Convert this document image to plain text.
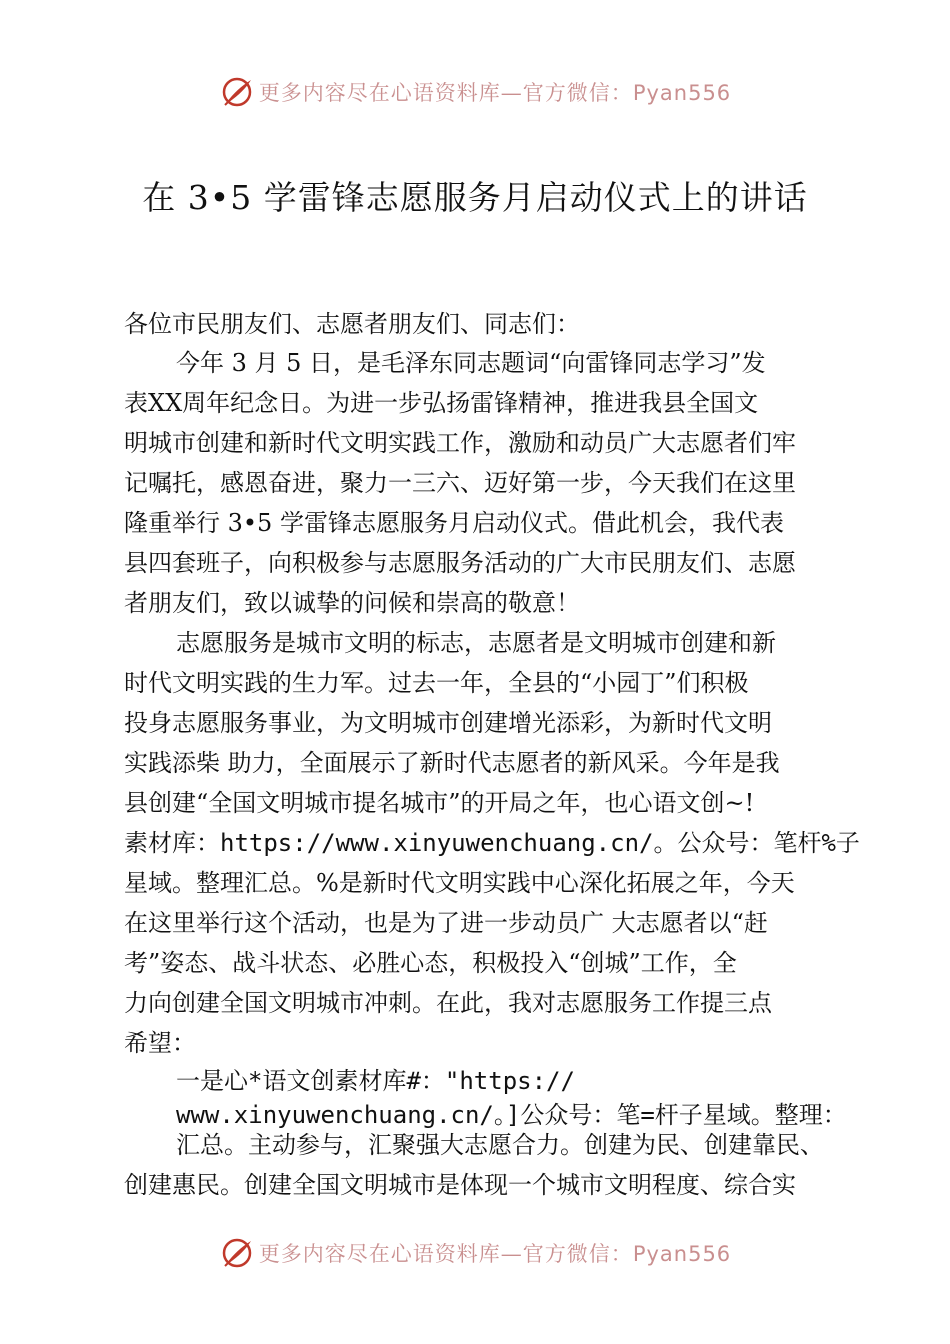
更多内容尽在心语资料库—官方微信：Pyan556
在 3•5 学雷锋志愿服务月启动仪式上的讲话
各位市民朋友们、志愿者朋友们、同志们：
今年 3 月 5 日，是毛泽东同志题词“向雷锋同志学习”发
表XX周年纪念日。为进一步弘扬雷锋精神，推进我县全国文
明城市创建和新时代文明实践工作，激励和动员广大志愿者们牢
记嘱托，感恩奋进，聚力一三六、迈好第一步，今天我们在这里
隆重举行 3•5 学雷锋志愿服务月启动仪式。借此机会，我代表
县四套班子，向积极参与志愿服务活动的广大市民朋友们、志愿
者朋友们，致以诚挚的问候和崇高的敬意！
志愿服务是城市文明的标志，志愿者是文明城市创建和新
时代文明实践的生力军。过去一年，全县的“小园丁”们积极
投身志愿服务事业，为文明城市创建增光添彩，为新时代文明
实践添柴 助力，全面展示了新时代志愿者的新风采。今年是我
县创建“全国文明城市提名城市”的开局之年，也心语文创~!
素材库：https://www.xinyuwenchuang.cn/。公众号：笔杆%子
星域。整理汇总。%是新时代文明实践中心深化拓展之年，今天
在这里举行这个活动，也是为了进一步动员广 大志愿者以“赶
考”姿态、战斗状态、必胜心态，积极投入“创城”工作，全
力向创建全国文明城市冲刺。在此，我对志愿服务工作提三点
希望：
一是心*语文创素材库#："https://
www.xinyuwenchuang.cn/。]公众号：笔=杆子星域。整理：
汇总。主动参与，汇聚强大志愿合力。创建为民、创建靠民、
创建惠民。创建全国文明城市是体现一个城市文明程度、综合实
更多内容尽在心语资料库—官方微信：Pyan556
